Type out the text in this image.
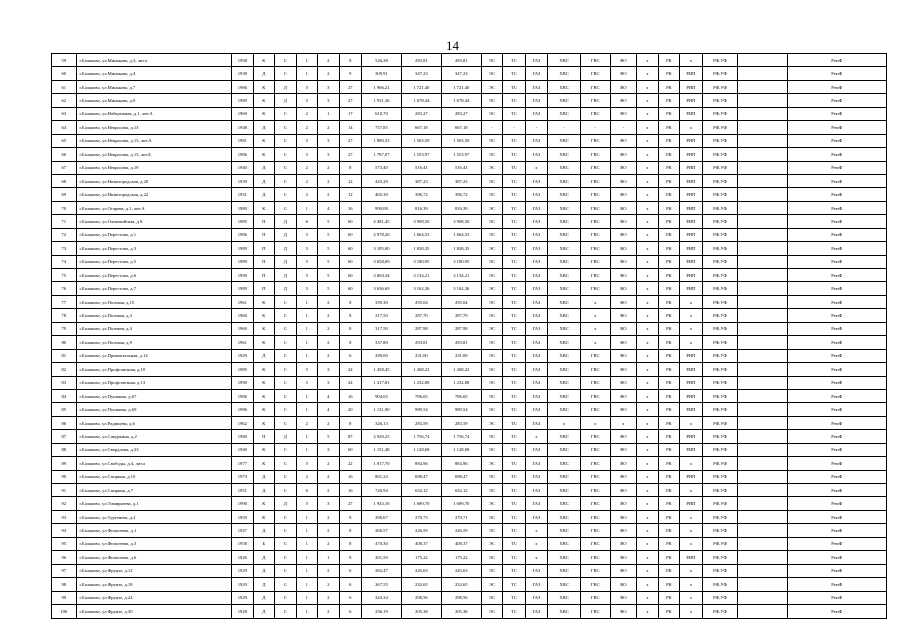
14
59	г.Балаково, ул.Минькова, д.3, лит.а	1958	К	С	1	2	8	526,38	283,81	283,81	ЭС	ТС	ГАЗ	ХВС	ГВС	ВО	х	РК	х	РФ,УФ		РемФ
60	г.Балаково, ул.Минькова, д.4	1938	Д	С	1	2	9	309,91	347,23	347,23	ЭС	ТС	ГАЗ	ХВС	ГВС	ВО	х	РК	РИП	РФ,УФ		РемФ
61	г.Балаково, ул.Минькова, д.7	1986	К	Д	5	3	27	1 966,21	1 721,40	1 721,40	ЭС	ТС	ГАЗ	ХВС	ГВС	ВО	х	РК	РИП	РФ,УФ		РемФ
62	г.Балаково, ул.Минькова, д.9	1989	К	Д	5	3	27	1 931,36	1 678,44	1 678,44	ЭС	ТС	ГАЗ	ХВС	ГВС	ВО	х	РК	РИП	РФ,УФ		РемФ
63	г.Балаково, ул.Набережная, д.1, лит.А	1969	К	С	2	1	17	610,70	283,27	283,27	ЭС	ТС	ГАЗ	ХВС	ГВС	ВО	х	РК	РИП	РФ,УФ		РемФ
64	г.Балаково, ул.Некрасова, д.13	1948	Д	С	2	2	14	757,85	667,18	667,18	-	-	-	-	-	-	х	РК	х	РФ,УФ		РемФ
65	г.Балаково, ул.Некрасова, д.13, лит.А	1981	К	С	5	3	27	1 880,33	1 565,50	1 565,50	ЭС	ТС	ГАЗ	ХВС	ГВС	ВО	х	РК	РИП	РФ,УФ		РемФ
66	г.Балаково, ул.Некрасова, д.13, лит.Б	1986	К	С	5	3	27	1 787,07	1 553,97	1 553,97	ЭС	ТС	ГАЗ	ХВС	ГВС	ВО	х	РК	РИП	РФ,УФ		РемФ
67	г.Балаково, ул.Некрасова, д.19	1940	Д	С	2	2	8	573,40	516,41	516,41	ЭС	ТС	х	ХВС	ГВС	ВО	х	РК	РИП	РФ,УФ		РемФ
68	г.Балаково, ул.Нижегородская, д.20	1939	Д	С	2	2	12	445,29	387,23	387,23	ЭС	ТС	ГАЗ	ХВС	ГВС	ВО	х	РК	РИП	РФ,УФ		РемФ
69	г.Балаково, ул.Нижегородская, д.22	1931	Д	С	2	2	12	465,30	396,72	396,72	ЭС	ТС	ГАЗ	ХВС	ГВС	ВО	х	РК	РИП	РФ,УФ		РемФ
70	г.Балаково, ул.Огарева, д.1, лит.А	1980	К	С	1	4	16	999,08	816,39	816,39	ЭС	ТС	ГАЗ	ХВС	ГВС	ВО	х	РК	РИП	РФ,УФ		РемФ
71	г.Балаково, ул.Олимпийская, д.8	1985	П	Д	6	5	60	4 481,45	3 908,50	3 908,50	ЭС	ТС	ГАЗ	ХВС	ГВС	ВО	х	РК	РИП	РФ,УФ		РемФ
72	г.Балаково, ул.Перестова, д.1	1986	П	Д	5	5	60	2 978,20	1 664,53	1 664,53	ЭС	ТС	ГАЗ	ХВС	ГВС	ВО	х	РК	РИП	РФ,УФ		РемФ
73	г.Балаково, ул.Перестова, д.3	1989	П	Д	5	5	60	3 185,00	1 828,35	1 828,35	ЭС	ТС	ГАЗ	ХВС	ГВС	ВО	х	РК	РИП	РФ,УФ		РемФ
74	г.Балаково, ул.Перестова, д.5	1989	П	Д	5	5	60	3 658,69	3 180,95	3 180,95	ЭС	ТС	ГАЗ	ХВС	ГВС	ВО	х	РК	РИП	РФ,УФ		РемФ
75	г.Балаково, ул.Перестова, д.6	1990	П	Д	5	5	60	3 604,34	3 134,21	3 134,21	ЭС	ТС	ГАЗ	ХВС	ГВС	ВО	х	РК	РИП	РФ,УФ		РемФ
76	г.Балаково, ул.Перестова, д.7	1989	П	Д	5	5	60	3 636,69	3 162,36	3 162,36	ЭС	ТС	ГАЗ	ХВС	ГВС	ВО	х	РК	РИП	РФ,УФ		РемФ
77	г.Балаково, ул.Полевая, д.15	1961	К	С	1	2	8	339,30	295,04	295,04	ЭС	ТС	ГАЗ	ХВС	х	ВО	х	РК	х	РФ,УФ		РемФ
78	г.Балаково, ул.Полевая, д.3	1960	К	С	1	2	8	317,50	287,70	287,70	ЭС	ТС	ГАЗ	ХВС	х	ВО	х	РК	х	РФ,УФ		РемФ
79	г.Балаково, ул.Полевая, д.4	1960	К	С	1	2	8	317,50	287,98	287,98	ЭС	ТС	ГАЗ	ХВС	х	ВО	х	РК	х	РФ,УФ		РемФ
80	г.Балаково, ул.Полевая, д.9	1961	К	С	1	2	8	337,80	293,81	293,81	ЭС	ТС	ГАЗ	ХВС	х	ВО	х	РК	х	РФ,УФ		РемФ
81	г.Балаково, ул.Привокзальная, д.14	1929	Д	С	1	2	6	299,00	231,00	231,00	ЭС	ТС	ГАЗ	ХВС	ГВС	ВО	х	РК	РИП	РФ,УФ		РемФ
82	г.Балаково, ул.Профсоюзная, д.10	1985	К	С	5	3	24	1 458,45	1 268,22	1 268,22	ЭС	ТС	ГАЗ	ХВС	ГВС	ВО	х	РК	РИП	РФ,УФ		РемФ
83	г.Балаково, ул.Профсоюзная, д.13	1990	К	С	5	3	24	1 417,81	1 232,88	1 232,88	ЭС	ТС	ГАЗ	ХВС	ГВС	ВО	х	РК	РИП	РФ,УФ		РемФ
84	г.Балаково, ул.Пушкина, д.67	1986	К	С	1	4	16	904,65	786,65	786,65	ЭС	ТС	ГАЗ	ХВС	ГВС	ВО	х	РК	РИП	РФ,УФ		РемФ
85	г.Балаково, ул.Пушкина, д.69	1986	К	С	1	4	20	1 131,90	989,54	989,54	ЭС	ТС	ГАЗ	ХВС	ГВС	ВО	х	РК	РИП	РФ,УФ		РемФ
86	г.Балаково, ул.Радищева, д.6	1962	К	С	2	2	8	326,13	283,59	283,59	ЭС	ТС	ГАЗ	х	х	х	х	РК	х	РФ,УФ		РемФ
87	г.Балаково, ул.Сакуркина, д.2	1980	П	Д	1	5	87	2 020,25	1 756,74	1 756,74	ЭС	ТС	х	ХВС	ГВС	ВО	х	РК	РИП	РФ,УФ		РемФ
88	г.Балаково, ул.Свердлова, д.23	1940	К	С	1	3	60	1 151,48	1 128,68	1 128,68	ЭС	ТС	ГАЗ	ХВС	ГВС	ВО	х	РК	РИП	РФ,УФ		РемФ
89	г.Балаково, ул.Свободы, д.4, лит.а	1977	К	С	5	2	22	1 017,70	884,96	884,96	ЭС	ТС	ГАЗ	ХВС	ГВС	ВО	х	РК	х	РФ,УФ		РемФ
90	г.Балаково, ул.Спирина, д.10	1973	Д	С	2	2	16	801,24	698,47	698,47	ЭС	ТС	ГАЗ	ХВС	ГВС	ВО	х	РК	РИП	РФ,УФ		РемФ
91	г.Балаково, ул.Спирина, д.7	1951	Д	С	6	2	16	726,94	632,12	632,12	ЭС	ТС	ГАЗ	ХВС	ГВС	ВО	х	РК	х	РФ,УФ		РемФ
92	г.Балаково, ул.Тимирязева, д.1	1990	К	Д	5	3	27	1 943,16	1 689,70	1 689,70	ЭС	ТС	ГАЗ	ХВС	ГВС	ВО	х	РК	РИП	РФ,УФ		РемФ
93	г.Балаково, ул.Тургенева, д.2	1959	К	С	1	2	8	290,67	270,73	270,71	ЭС	ТС	ГАЗ	ХВС	ГВС	ВО	х	РК	х	РФ,УФ		РемФ
94	г.Балаково, ул.Фильтеева, д.1	1947	Д	С	1	2	8	260,57	226,59	226,59	ЭС	ТС	х	ХВС	ГВС	ВО	х	РК	х	РФ,УФ		РемФ
95	г.Балаково, ул.Фильтеева, д.3	1958	Б	С	1	2	8	470,30	408,37	408,37	ЭС	ТС	х	ХВС	ГВС	ВО	х	РК	х	РФ,УФ		РемФ
96	г.Балаково, ул.Фильтеева, д.6	1926	Д	С	1	1	8	201,59	175,22	175,22	ЭС	ТС	х	ХВС	ГВС	ВО	х	РК	РИП	РФ,УФ		РемФ
97	г.Балаково, ул.Фрунзе, д.12	1929	Д	С	1	2	6	282,47	245,63	245,63	ЭС	ТС	ГАЗ	ХВС	ГВС	ВО	х	РК	х	РФ,УФ		РемФ
98	г.Балаково, ул.Фрунзе, д.18	1929	Д	С	1	2	6	267,55	232,65	232,65	ЭС	ТС	ГАЗ	ХВС	ГВС	ВО	х	РК	х	РФ,УФ		РемФ
99	г.Балаково, ул.Фрунзе, д.24	1929	Д	С	1	2	6	343,34	298,56	298,56	ЭС	ТС	ГАЗ	ХВС	ГВС	ВО	х	РК	х	РФ,УФ		РемФ
100	г.Балаково, ул.Фрунзе, д.30	1928	Д	С	1	2	6	236,19	205,38	205,38	ЭС	ТС	ГАЗ	ХВС	ГВС	ВО	х	РК	х	РФ,УФ		РемФ
